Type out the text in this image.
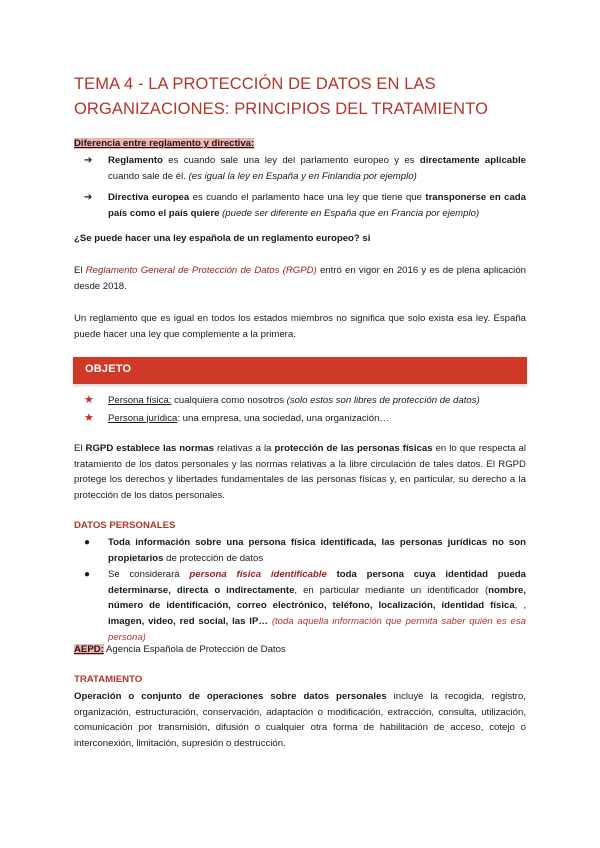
TEMA 4 - LA PROTECCIÓN DE DATOS EN LAS
ORGANIZACIONES: PRINCIPIOS DEL TRATAMIENTO
Diferencia entre reglamento y directiva:
➔	Reglamento es cuando sale una ley del parlamento europeo y es directamente aplicable cuando sale de él. (es igual la ley en España y en Finlandia por ejemplo)
➔	Directiva europea es cuando el parlamento hace una ley que tiene que transponerse en cada país como el país quiere (puede ser diferente en España que en Francia por ejemplo)
¿Se puede hacer una ley española de un reglamento europeo? si
El Reglamento General de Protección de Datos (RGPD) entró en vigor en 2016 y es de plena aplicación desde 2018.
Un reglamento que es igual en todos los estados miembros no significa que solo exista esa ley. España puede hacer una ley que complemente a la primera.
OBJETO
★	Persona física: cualquiera como nosotros (solo estos son libres de protección de datos)
★	Persona jurídica: una empresa, una sociedad, una organización…
El RGPD establece las normas relativas a la protección de las personas físicas en lo que respecta al tratamiento de los datos personales y las normas relativas a la libre circulación de tales datos. El RGPD protege los derechos y libertades fundamentales de las personas físicas y, en particular, su derecho a la protección de los datos personales.
DATOS PERSONALES
●	Toda información sobre una persona física identificada, las personas jurídicas no son propietarios de protección de datos
●	Se considerará persona física identificable toda persona cuya identidad pueda determinarse, directa o indirectamente, en particular mediante un identificador (nombre, número de identificación, correo electrónico, teléfono, localización, identidad física, , imagen, video, red social, las IP… (toda aquella información que permita saber quién es esa persona)
AEPD: Agencia Española de Protección de Datos
TRATAMIENTO
Operación o conjunto de operaciones sobre datos personales incluye la recogida, registro, organización, estructuración, conservación, adaptación o modificación, extracción, consulta, utilización, comunicación por transmisión, difusión o cualquier otra forma de habilitación de acceso, cotejo o interconexión, limitación, supresión o destrucción.
